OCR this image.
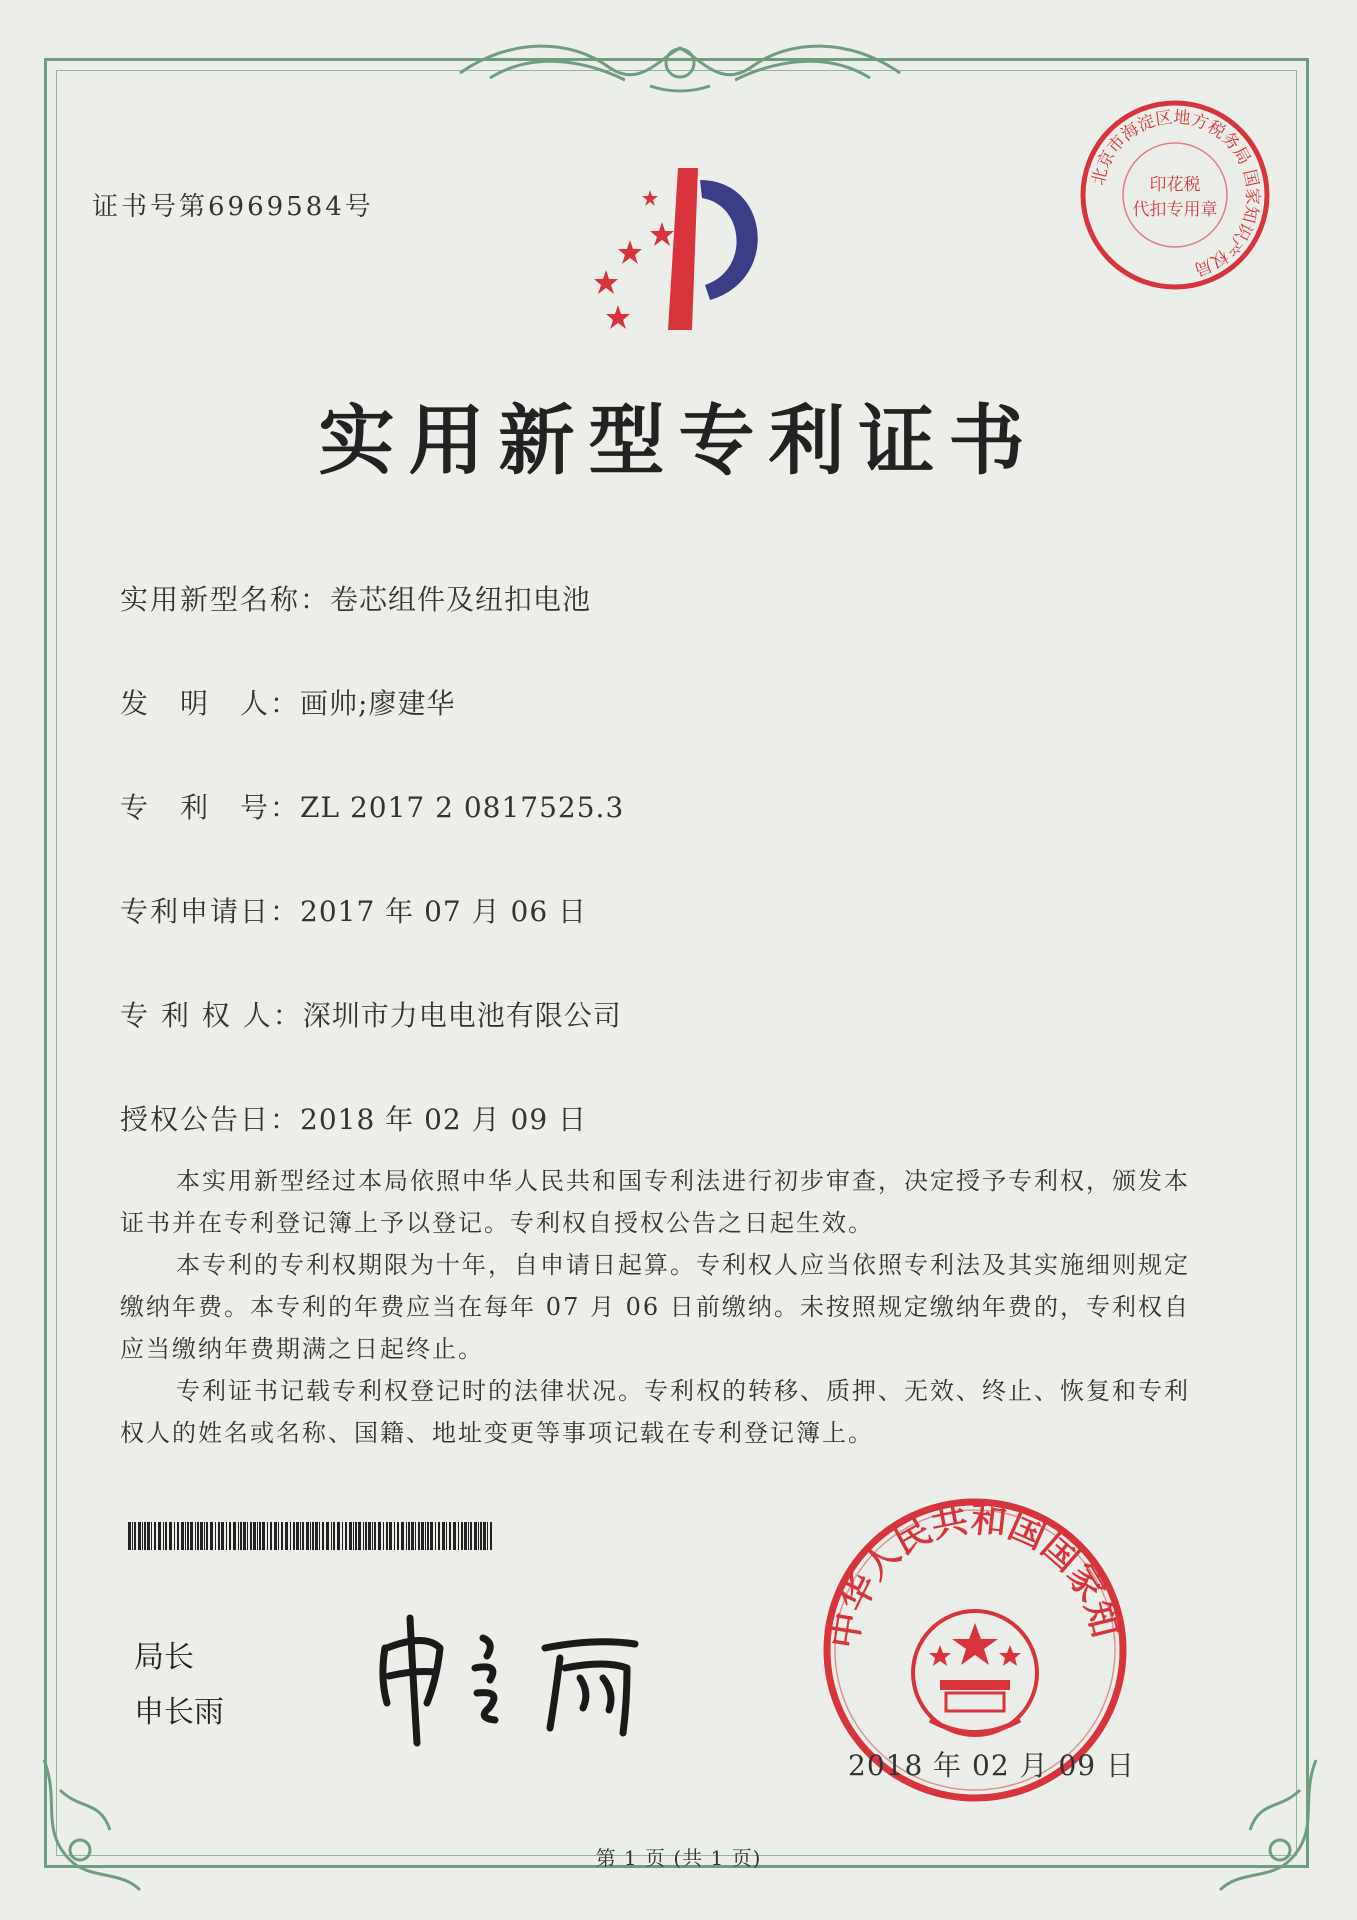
证书号第6969584号
北京市海淀区地方税务局 国家知识产权局
印花税
代扣专用章
实用新型专利证书
实用新型名称：卷芯组件及纽扣电池
发　明　人：画帅;廖建华
专　利　号：ZL 2017 2 0817525.3
专利申请日：2017 年 07 月 06 日
专 利 权 人：深圳市力电电池有限公司
授权公告日：2018 年 02 月 09 日

本实用新型经过本局依照中华人民共和国专利法进行初步审查，决定授予专利权，颁发本证书并在专利登记簿上予以登记。专利权自授权公告之日起生效。

本专利的专利权期限为十年，自申请日起算。专利权人应当依照专利法及其实施细则规定缴纳年费。本专利的年费应当在每年 07 月 06 日前缴纳。未按照规定缴纳年费的，专利权自应当缴纳年费期满之日起终止。

专利证书记载专利权登记时的法律状况。专利权的转移、质押、无效、终止、恢复和专利权人的姓名或名称、国籍、地址变更等事项记载在专利登记簿上。

局长
申长雨
中华人民共和国国家知
2018 年 02 月 09 日
第 1 页 (共 1 页)
